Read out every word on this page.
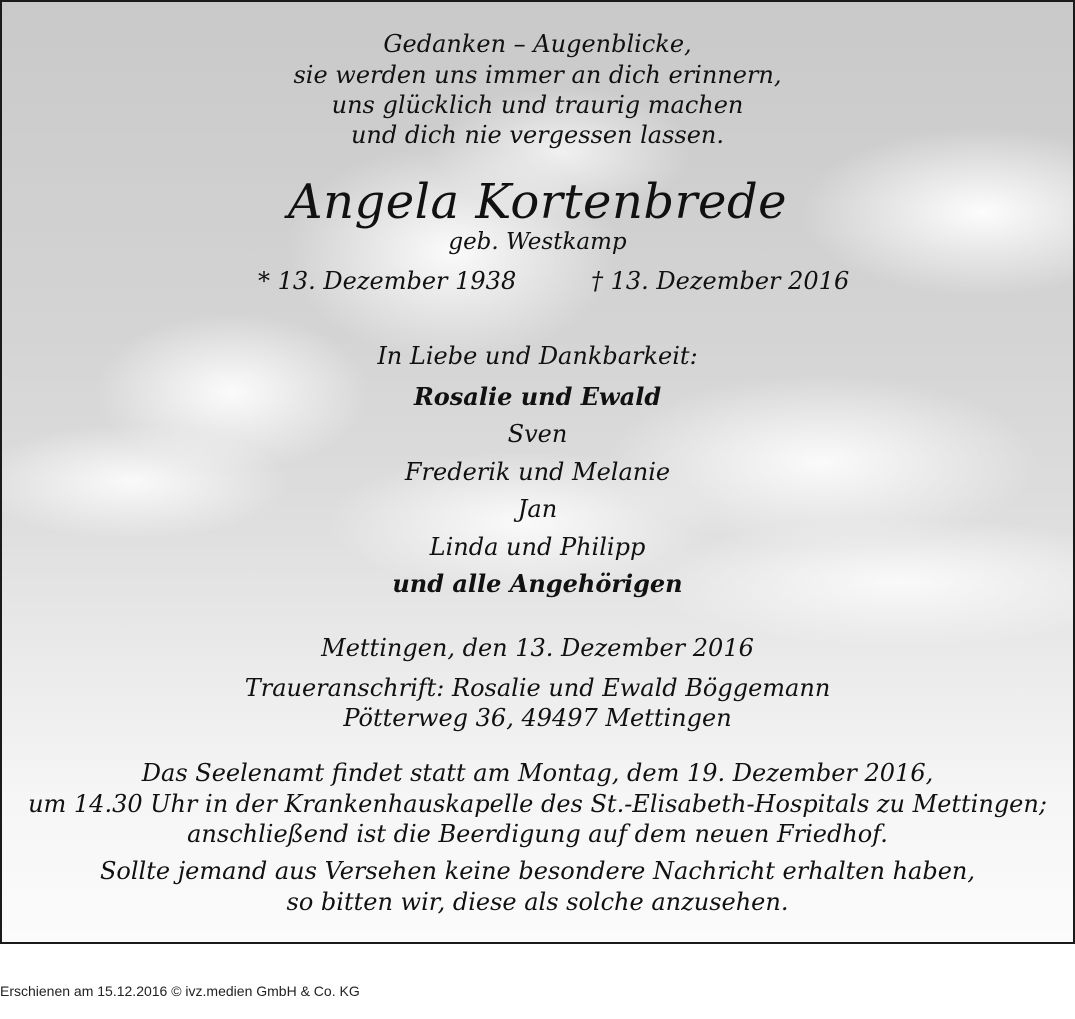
Gedanken – Augenblicke,

sie werden uns immer an dich erinnern,

uns glücklich und traurig machen

und dich nie vergessen lassen.

Angela Kortenbrede

geb. Westkamp

* 13. Dezember 1938	† 13. Dezember 2016

In Liebe und Dankbarkeit:

Rosalie und Ewald

Sven

Frederik und Melanie

Jan

Linda und Philipp

und alle Angehörigen

Mettingen, den 13. Dezember 2016

Traueranschrift: Rosalie und Ewald Böggemann

Pötterweg 36, 49497 Mettingen

Das Seelenamt findet statt am Montag, dem 19. Dezember 2016,

um 14.30 Uhr in der Krankenhauskapelle des St.-Elisabeth-Hospitals zu Mettingen;

anschließend ist die Beerdigung auf dem neuen Friedhof.

Sollte jemand aus Versehen keine besondere Nachricht erhalten haben,

so bitten wir, diese als solche anzusehen.

Erschienen am 15.12.2016 © ivz.medien GmbH & Co. KG
